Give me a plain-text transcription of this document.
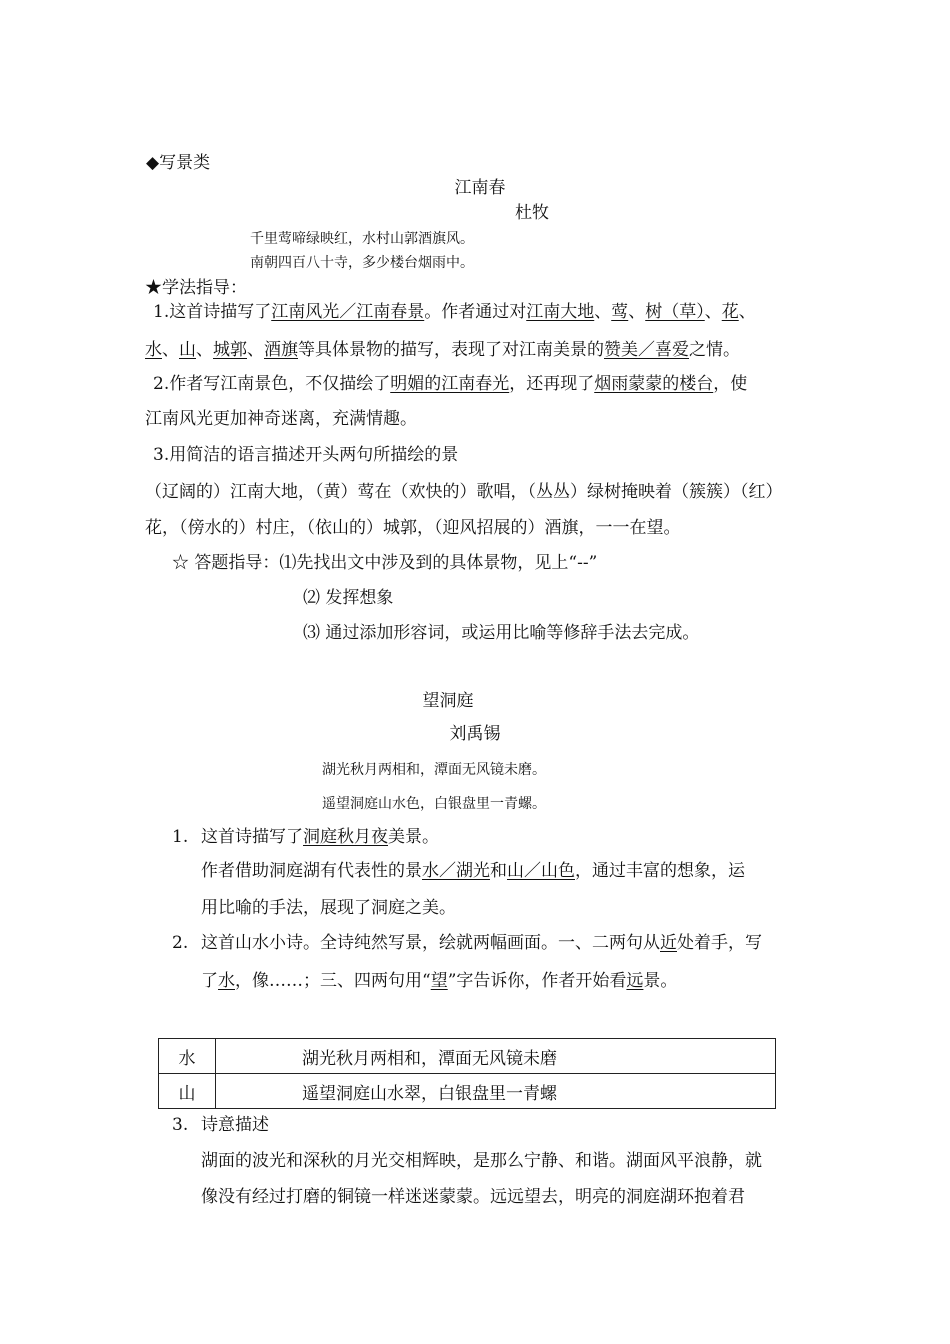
◆写景类
江南春
杜牧
千里莺啼绿映红，水村山郭酒旗风。
南朝四百八十寺，多少楼台烟雨中。
★学法指导：
1.这首诗描写了江南风光／江南春景。作者通过对江南大地、莺、树（草）、花、
水、山、城郭、酒旗等具体景物的描写，表现了对江南美景的赞美／喜爱之情。
2.作者写江南景色，不仅描绘了明媚的江南春光，还再现了烟雨蒙蒙的楼台，使
江南风光更加神奇迷离，充满情趣。
3.用简洁的语言描述开头两句所描绘的景
（辽阔的）江南大地，（黄）莺在（欢快的）歌唱，（丛丛）绿树掩映着（簇簇）（红）
花，（傍水的）村庄，（依山的）城郭，（迎风招展的）酒旗，一一在望。
☆ 答题指导：⑴先找出文中涉及到的具体景物，见上“--”
⑵ 发挥想象
⑶ 通过添加形容词，或运用比喻等修辞手法去完成。
望洞庭
刘禹锡
湖光秋月两相和，潭面无风镜未磨。
遥望洞庭山水色，白银盘里一青螺。
1. 这首诗描写了洞庭秋月夜美景。
作者借助洞庭湖有代表性的景水／湖光和山／山色，通过丰富的想象，运
用比喻的手法，展现了洞庭之美。
2. 这首山水小诗。全诗纯然写景，绘就两幅画面。一、二两句从近处着手，写
了水，像……；三、四两句用“望”字告诉你，作者开始看远景。
水	湖光秋月两相和，潭面无风镜未磨
山	遥望洞庭山水翠，白银盘里一青螺
3. 诗意描述
湖面的波光和深秋的月光交相辉映，是那么宁静、和谐。湖面风平浪静，就
像没有经过打磨的铜镜一样迷迷蒙蒙。远远望去，明亮的洞庭湖环抱着君
